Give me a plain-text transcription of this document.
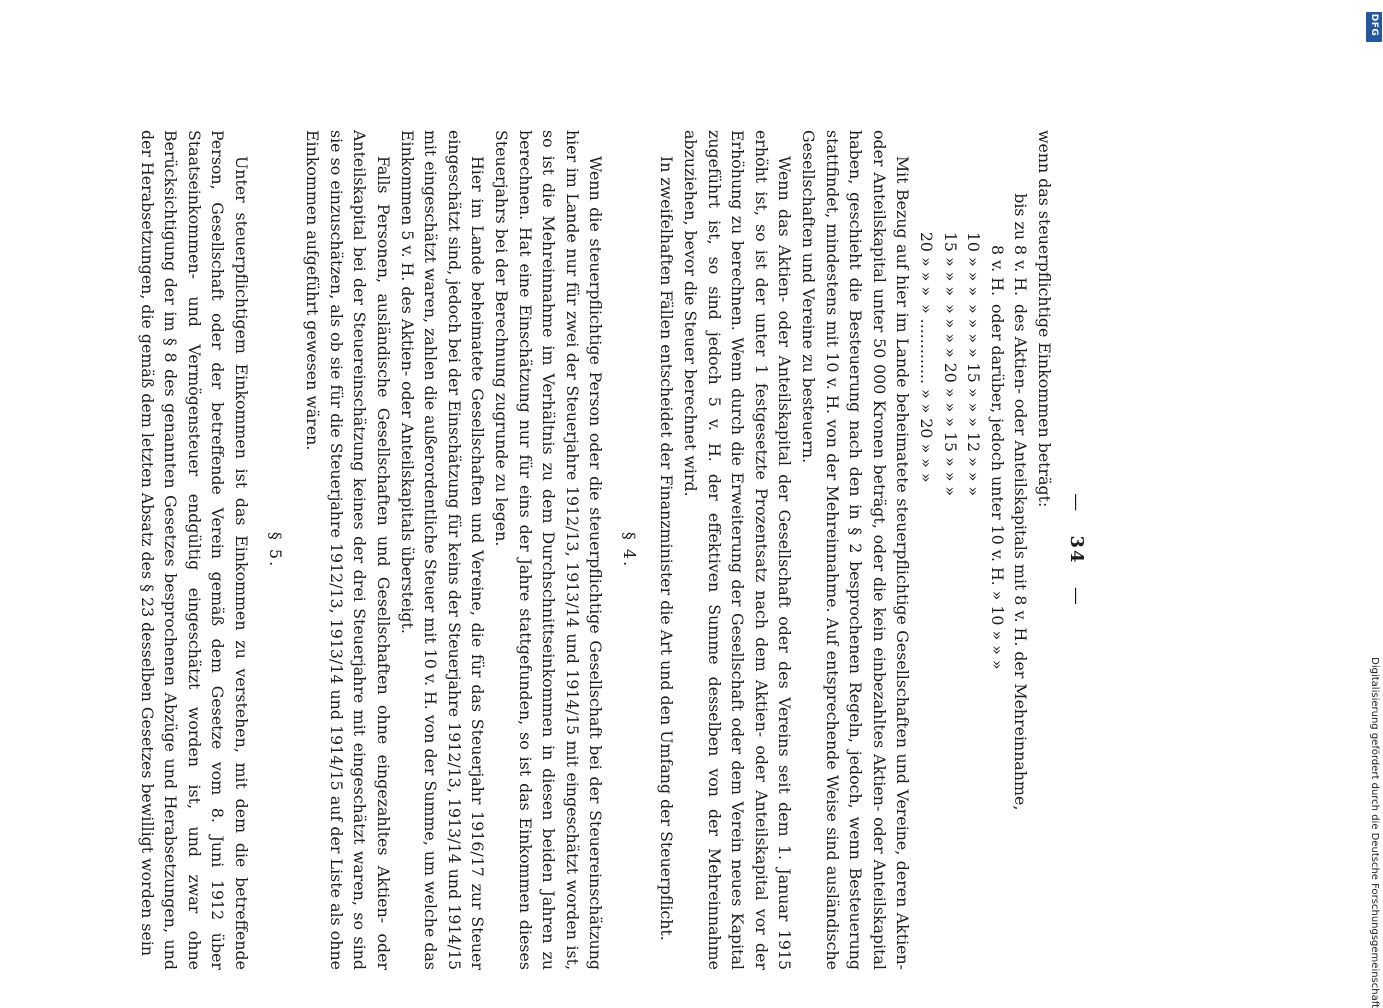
— 34 —

wenn das steuerpflichtige Einkommen beträgt:

bis zu 8 v. H.
des Aktien- oder Anteilskapitals mit 8 v. H. der Mehreinnahme,
8 v. H.
oder darüber, jedoch unter 10 v. H. » 10 » » »
10 » » »
» » » » 15 » » » 12 » » »
15 » » »
» » » » 20 » » » 15 » » »
20 » » »
» ............. » » 20 » » »

Mit Bezug auf hier im Lande beheimatete steuerpflichtige Gesellschaften und Vereine, deren Aktien- oder Anteilskapital unter 50 000 Kronen beträgt, oder die kein einbezahltes Aktien- oder Anteilskapital haben, geschieht die Besteuerung nach den in § 2 besprochenen Regeln, jedoch, wenn Besteuerung stattfindet, mindestens mit 10 v. H. von der Mehreinnahme. Auf entsprechende Weise sind ausländische Gesellschaften und Vereine zu besteuern.

Wenn das Aktien- oder Anteilskapital der Gesellschaft oder des Vereins seit dem 1. Januar 1915 erhöht ist, so ist der unter 1 festgesetzte Prozentsatz nach dem Aktien- oder Anteilskapital vor der Erhöhung zu berechnen. Wenn durch die Erweiterung der Gesellschaft oder dem Verein neues Kapital zugeführt ist, so sind jedoch 5 v. H. der effektiven Summe desselben von der Mehreinnahme abzuziehen, bevor die Steuer berechnet wird.

In zweifelhaften Fällen entscheidet der Finanzminister die Art und den Umfang der Steuerpflicht.

§ 4.

Wenn die steuerpflichtige Person oder die steuerpflichtige Gesellschaft bei der Steuereinschätzung hier im Lande nur für zwei der Steuerjahre 1912/13, 1913/14 und 1914/15 mit eingeschätzt worden ist, so ist die Mehreinnahme im Verhältnis zu dem Durchschnittseinkommen in diesen beiden Jahren zu berechnen. Hat eine Einschätzung nur für eins der Jahre stattgefunden, so ist das Einkommen dieses Steuerjahrs bei der Berechnung zugrunde zu legen.

Hier im Lande beheimatete Gesellschaften und Vereine, die für das Steuerjahr 1916/17 zur Steuer eingeschätzt sind, jedoch bei der Einschätzung für keins der Steuerjahre 1912/13, 1913/14 und 1914/15 mit eingeschätzt waren, zahlen die außerordentliche Steuer mit 10 v. H. von der Summe, um welche das Einkommen 5 v. H. des Aktien- oder Anteilskapitals übersteigt.

Falls Personen, ausländische Gesellschaften und Gesellschaften ohne eingezahltes Aktien- oder Anteilskapital bei der Steuereinschätzung keines der drei Steuerjahre mit eingeschätzt waren, so sind sie so einzuschätzen, als ob sie für die Steuerjahre 1912/13, 1913/14 und 1914/15 auf der Liste als ohne Einkommen aufgeführt gewesen wären.

§ 5.

Unter steuerpflichtigem Einkommen ist das Einkommen zu verstehen, mit dem die betreffende Person, Gesellschaft oder der betreffende Verein gemäß dem Gesetze vom 8. Juni 1912 über Staatseinkommen- und Vermögensteuer endgültig eingeschätzt worden ist, und zwar ohne Berücksichtigung der im § 8 des genannten Gesetzes besprochenen Abzüge und Herabsetzungen, und der Herabsetzungen, die gemäß dem letzten Absatz des § 23 desselben Gesetzes bewilligt worden sein

DFG
Digitalisierung gefördert durch die Deutsche Forschungsgemeinschaft
